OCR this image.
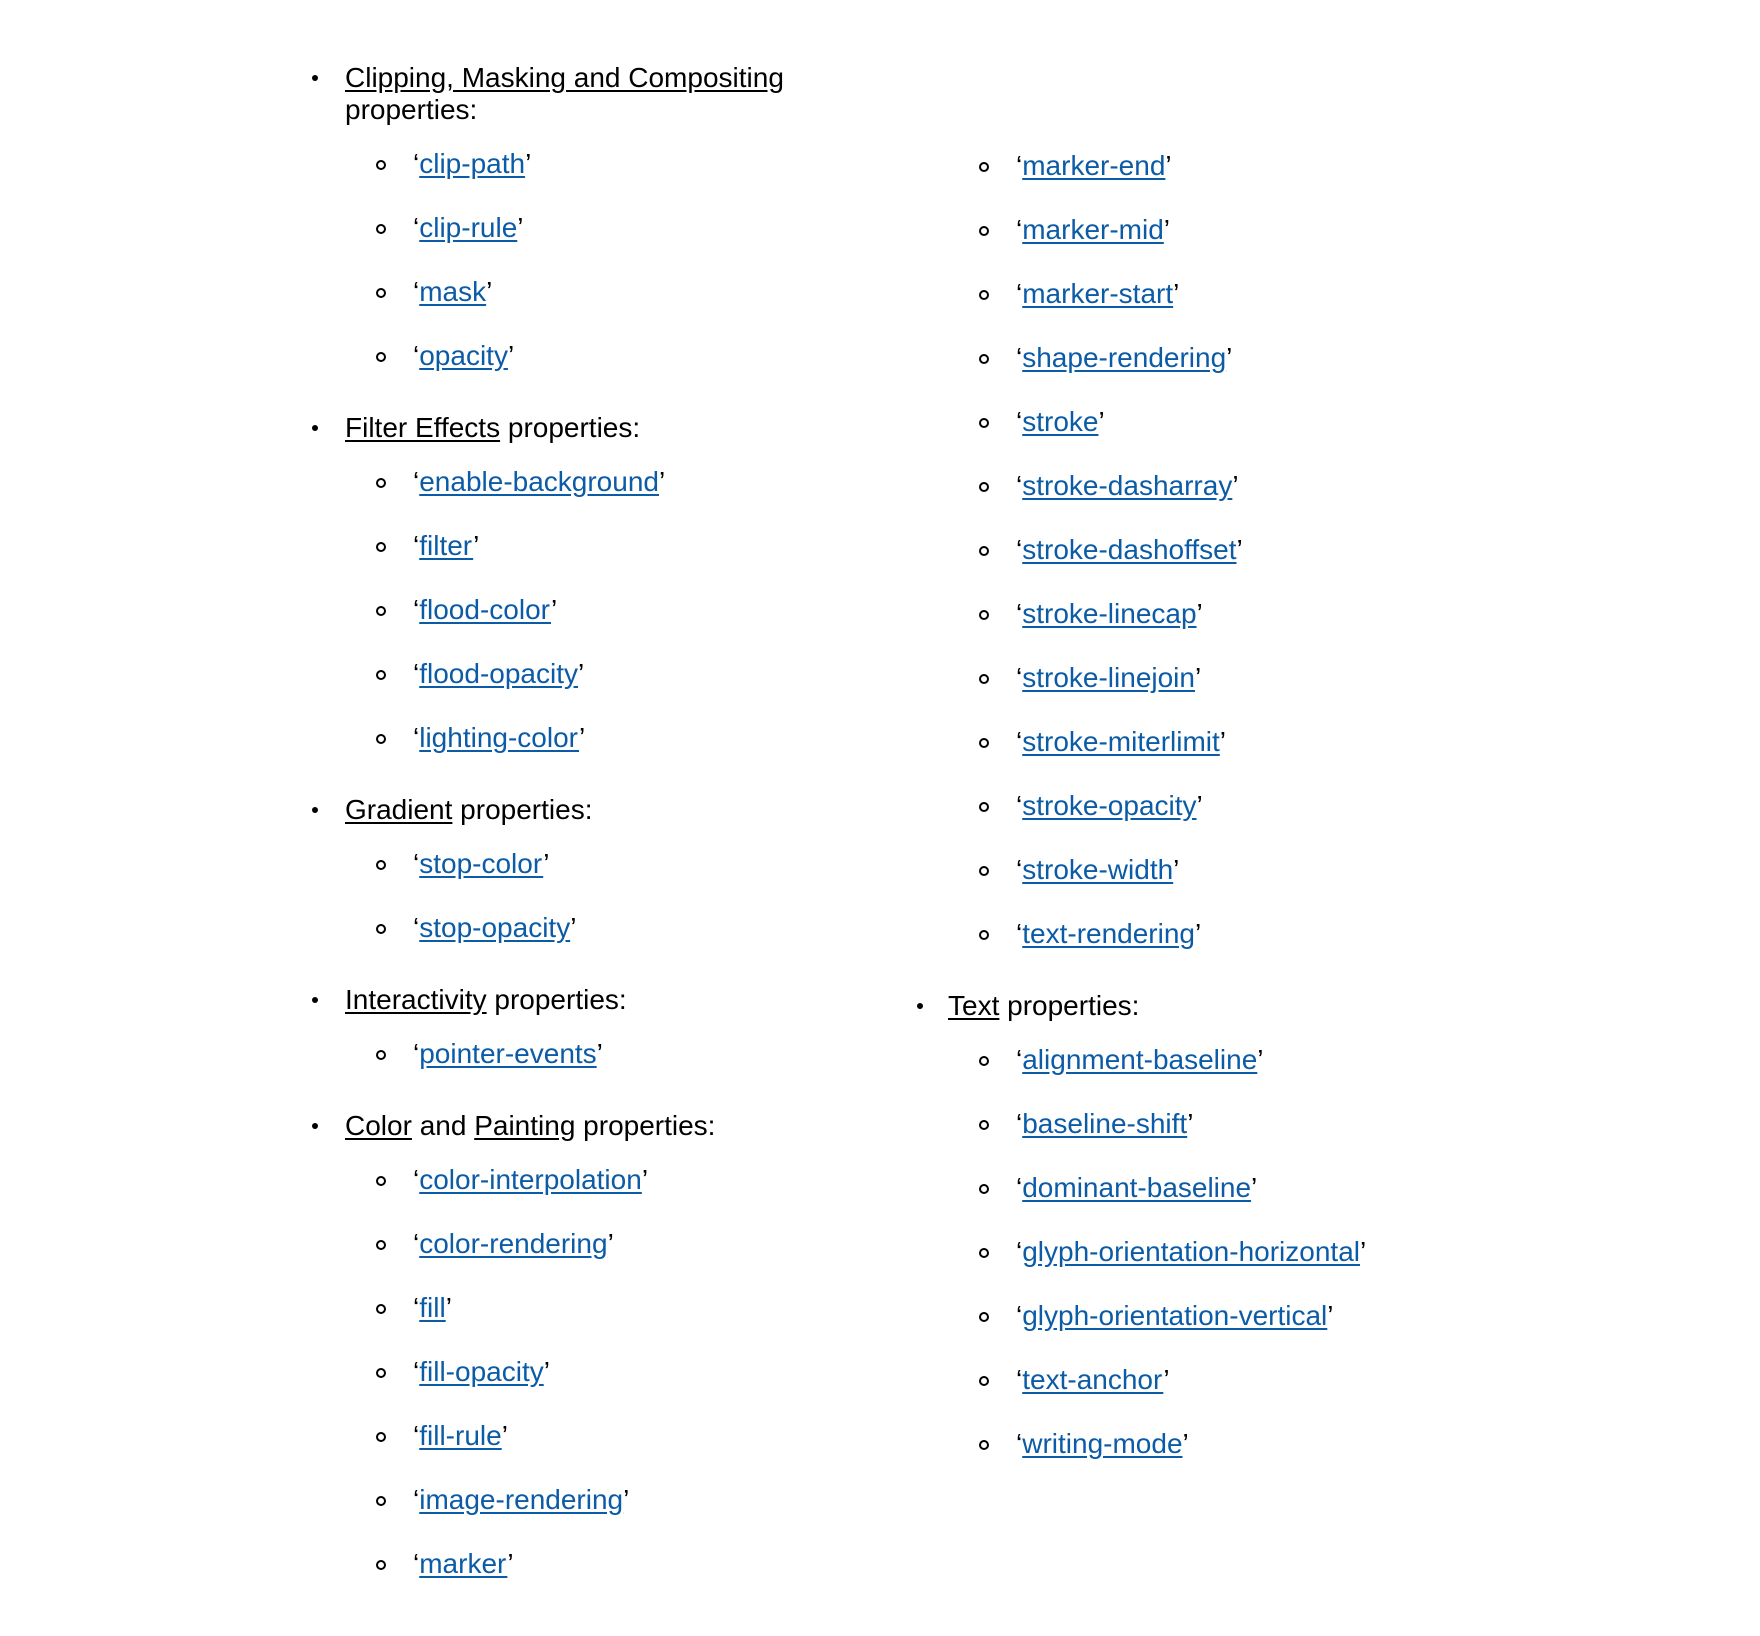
Clipping, Masking and Compositing properties:
‘clip-path’
‘clip-rule’
‘mask’
‘opacity’
Filter Effects properties:
‘enable-background’
‘filter’
‘flood-color’
‘flood-opacity’
‘lighting-color’
Gradient properties:
‘stop-color’
‘stop-opacity’
Interactivity properties:
‘pointer-events’
Color and Painting properties:
‘color-interpolation’
‘color-rendering’
‘fill’
‘fill-opacity’
‘fill-rule’
‘image-rendering’
‘marker’
‘marker-end’
‘marker-mid’
‘marker-start’
‘shape-rendering’
‘stroke’
‘stroke-dasharray’
‘stroke-dashoffset’
‘stroke-linecap’
‘stroke-linejoin’
‘stroke-miterlimit’
‘stroke-opacity’
‘stroke-width’
‘text-rendering’
Text properties:
‘alignment-baseline’
‘baseline-shift’
‘dominant-baseline’
‘glyph-orientation-horizontal’
‘glyph-orientation-vertical’
‘text-anchor’
‘writing-mode’
